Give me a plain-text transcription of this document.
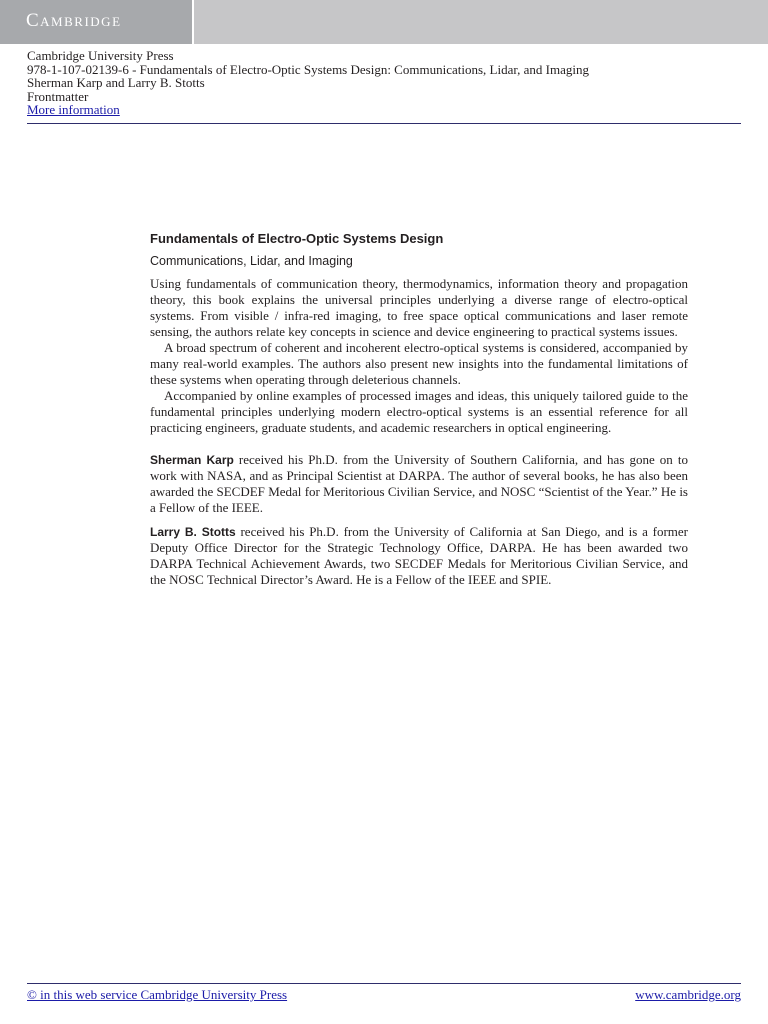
Cambridge
Cambridge University Press
978-1-107-02139-6 - Fundamentals of Electro-Optic Systems Design: Communications, Lidar, and Imaging
Sherman Karp and Larry B. Stotts
Frontmatter
More information
Fundamentals of Electro-Optic Systems Design
Communications, Lidar, and Imaging

Using fundamentals of communication theory, thermodynamics, information theory and propagation theory, this book explains the universal principles underlying a diverse range of electro-optical systems. From visible / infra-red imaging, to free space optical communications and laser remote sensing, the authors relate key concepts in science and device engineering to practical systems issues.

A broad spectrum of coherent and incoherent electro-optical systems is considered, accompanied by many real-world examples. The authors also present new insights into the fundamental limitations of these systems when operating through deleterious channels.

Accompanied by online examples of processed images and ideas, this uniquely tailored guide to the fundamental principles underlying modern electro-optical systems is an essential reference for all practicing engineers, graduate students, and academic researchers in optical engineering.

Sherman Karp received his Ph.D. from the University of Southern California, and has gone on to work with NASA, and as Principal Scientist at DARPA. The author of several books, he has also been awarded the SECDEF Medal for Meritorious Civilian Service, and NOSC “Scientist of the Year.” He is a Fellow of the IEEE.

Larry B. Stotts received his Ph.D. from the University of California at San Diego, and is a former Deputy Office Director for the Strategic Technology Office, DARPA. He has been awarded two DARPA Technical Achievement Awards, two SECDEF Medals for Meritorious Civilian Service, and the NOSC Technical Director’s Award. He is a Fellow of the IEEE and SPIE.

© in this web service Cambridge University Press	www.cambridge.org
